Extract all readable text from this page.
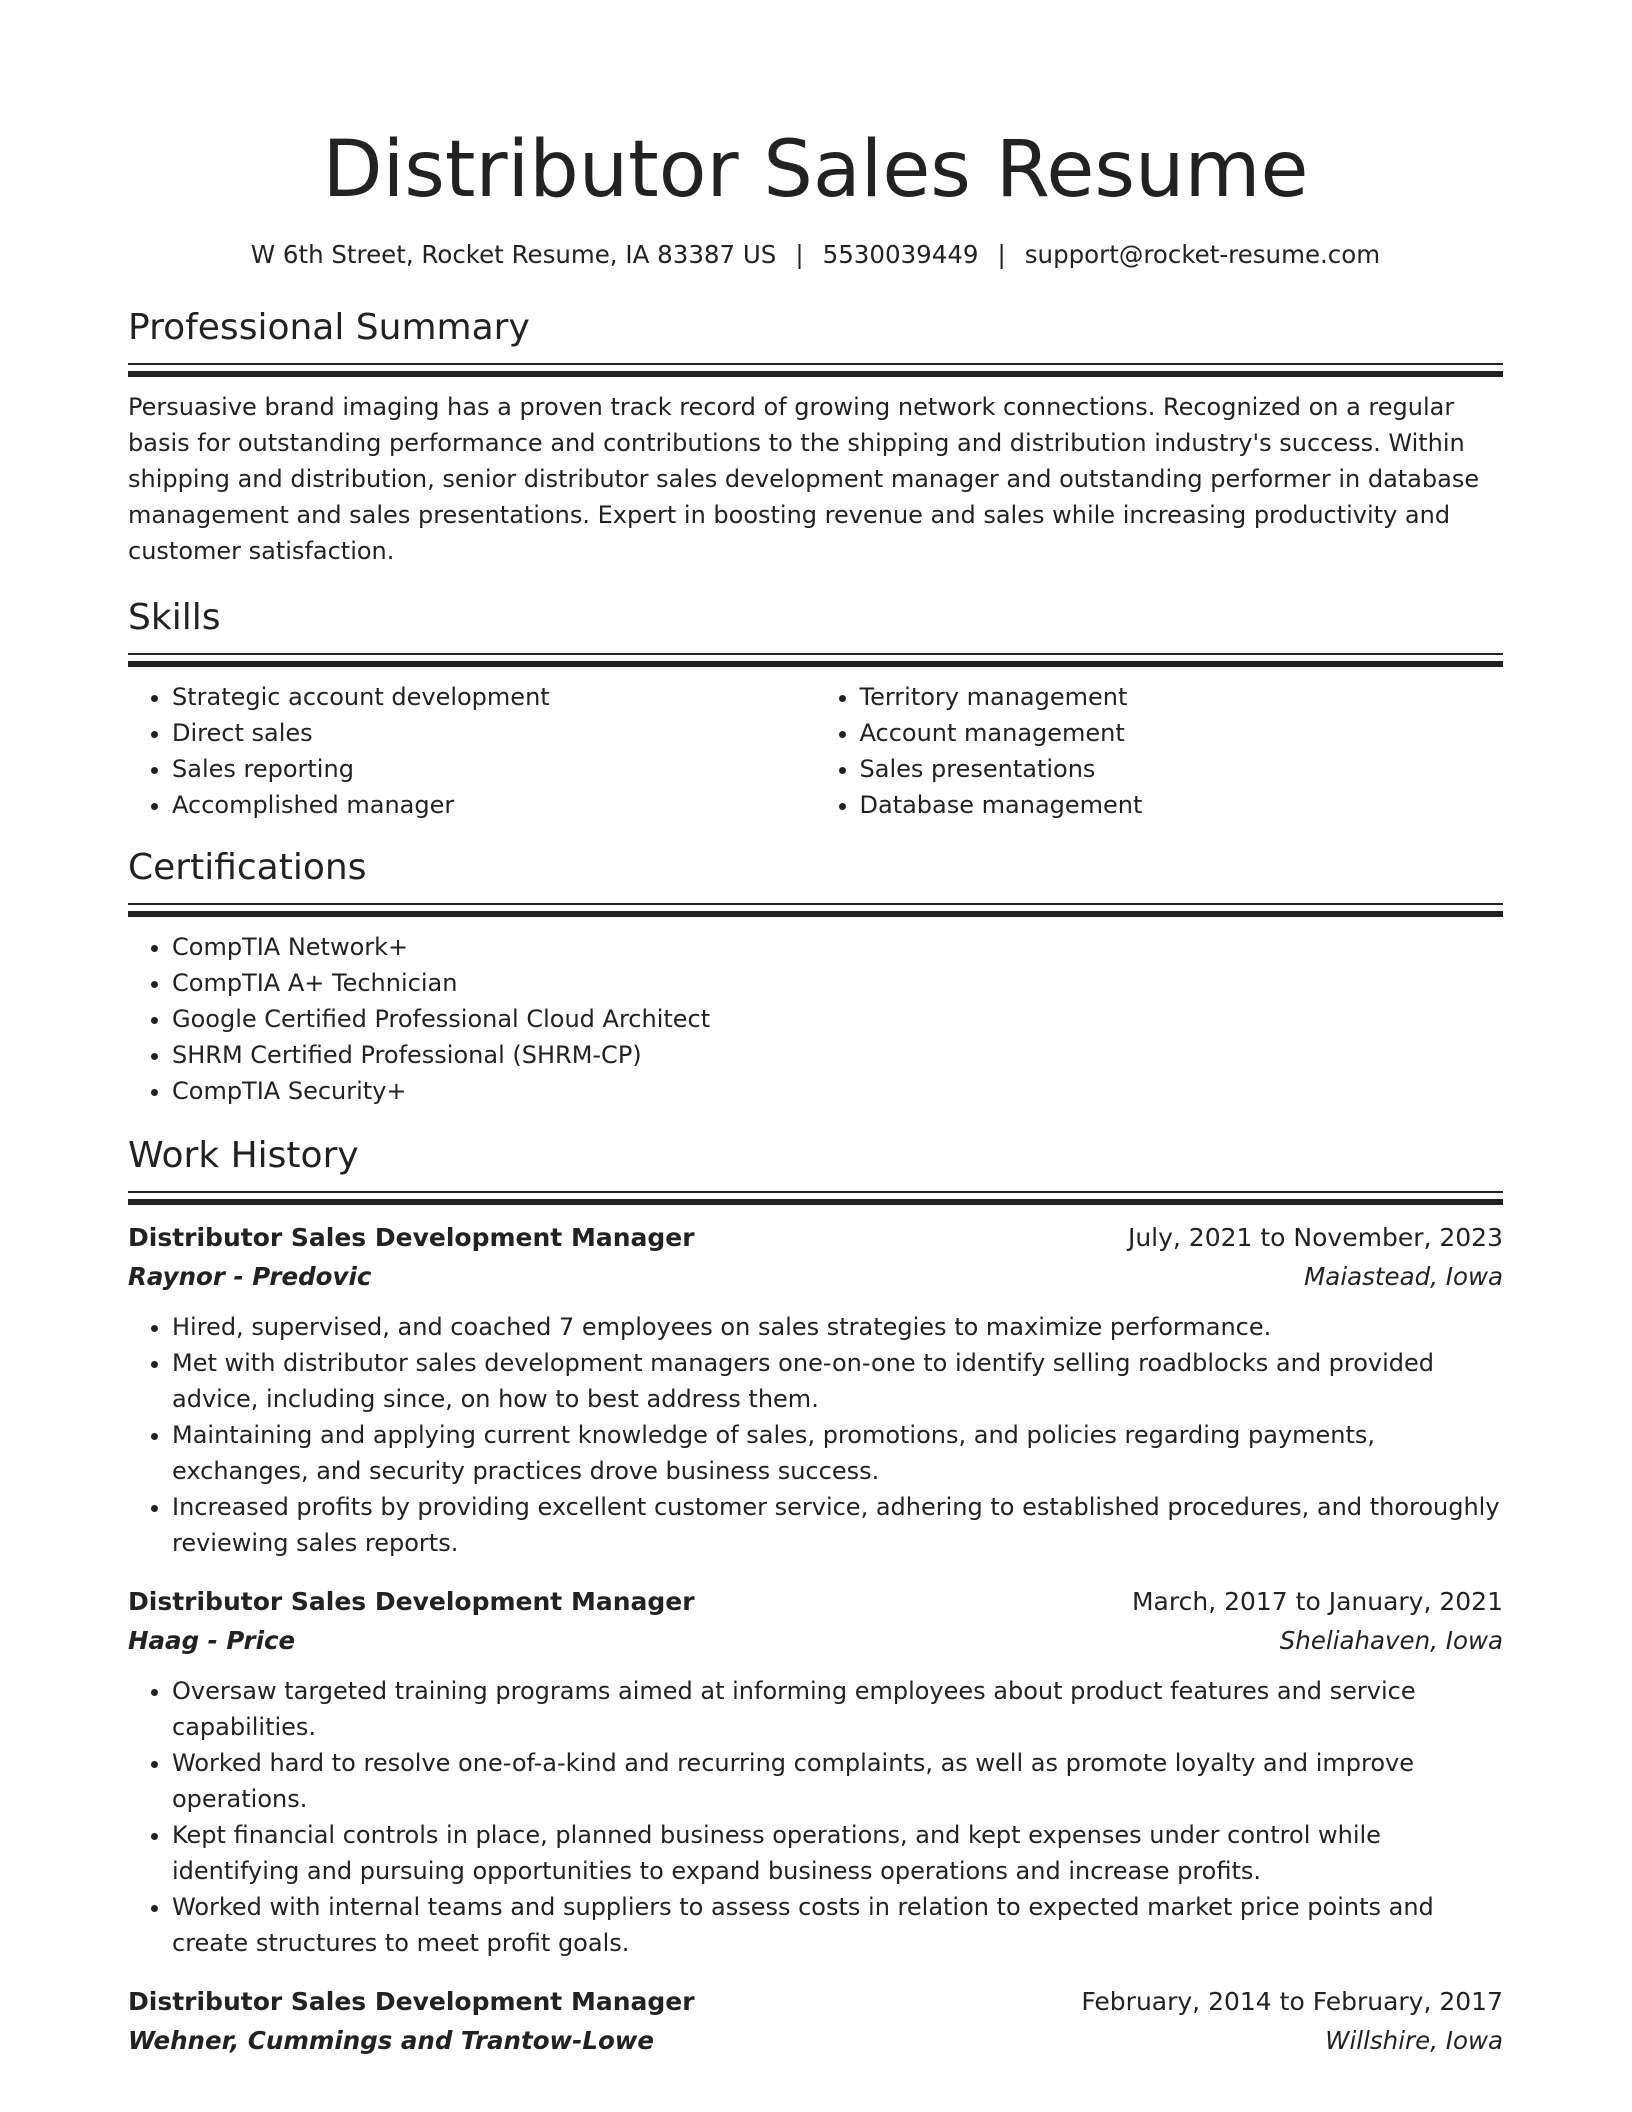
Distributor Sales Resume
W 6th Street, Rocket Resume, IA 83387 US | 5530039449 | support@rocket-resume.com
Professional Summary

Persuasive brand imaging has a proven track record of growing network connections. Recognized on a regular basis for outstanding performance and contributions to the shipping and distribution industry's success. Within shipping and distribution, senior distributor sales development manager and outstanding performer in database management and sales presentations. Expert in boosting revenue and sales while increasing productivity and customer satisfaction.

Skills
• Strategic account development
• Direct sales
• Sales reporting
• Accomplished manager
• Territory management
• Account management
• Sales presentations
• Database management
Certifications
• CompTIA Network+
• CompTIA A+ Technician
• Google Certified Professional Cloud Architect
• SHRM Certified Professional (SHRM-CP)
• CompTIA Security+
Work History
Distributor Sales Development Manager	July, 2021 to November, 2023
Raynor - Predovic	Maiastead, Iowa
• Hired, supervised, and coached 7 employees on sales strategies to maximize performance.
• Met with distributor sales development managers one-on-one to identify selling roadblocks and provided advice, including since, on how to best address them.
• Maintaining and applying current knowledge of sales, promotions, and policies regarding payments, exchanges, and security practices drove business success.
• Increased profits by providing excellent customer service, adhering to established procedures, and thoroughly reviewing sales reports.
Distributor Sales Development Manager	March, 2017 to January, 2021
Haag - Price	Sheliahaven, Iowa
• Oversaw targeted training programs aimed at informing employees about product features and service capabilities.
• Worked hard to resolve one-of-a-kind and recurring complaints, as well as promote loyalty and improve operations.
• Kept financial controls in place, planned business operations, and kept expenses under control while identifying and pursuing opportunities to expand business operations and increase profits.
• Worked with internal teams and suppliers to assess costs in relation to expected market price points and create structures to meet profit goals.
Distributor Sales Development Manager	February, 2014 to February, 2017
Wehner, Cummings and Trantow-Lowe	Willshire, Iowa
